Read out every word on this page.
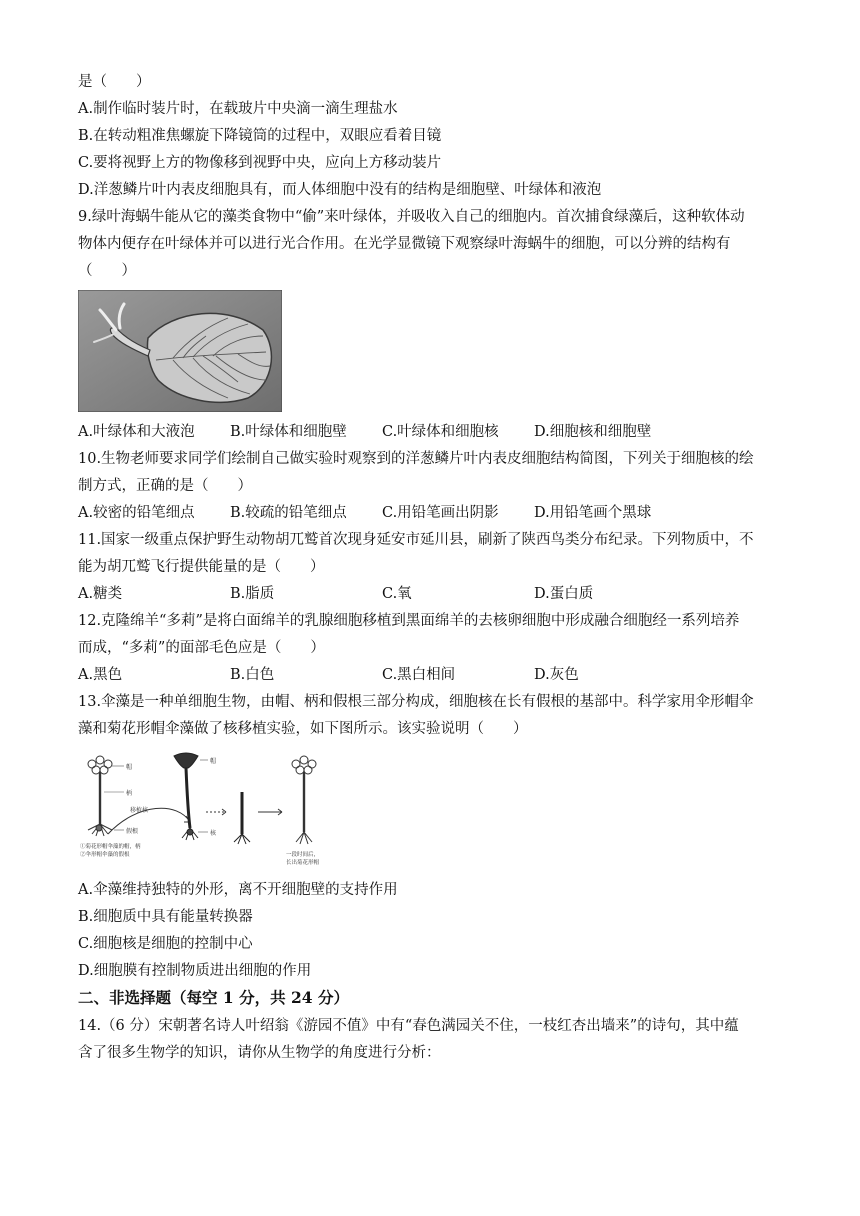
是（　　）
A.制作临时装片时，在载玻片中央滴一滴生理盐水
B.在转动粗准焦螺旋下降镜筒的过程中，双眼应看着目镜
C.要将视野上方的物像移到视野中央，应向上方移动装片
D.洋葱鳞片叶内表皮细胞具有，而人体细胞中没有的结构是细胞壁、叶绿体和液泡
9.绿叶海蜗牛能从它的藻类食物中“偷”来叶绿体，并吸收入自己的细胞内。首次捕食绿藻后，这种软体动
物体内便存在叶绿体并可以进行光合作用。在光学显微镜下观察绿叶海蜗牛的细胞，可以分辨的结构有
（　　）
A.叶绿体和大液泡 B.叶绿体和细胞壁 C.叶绿体和细胞核 D.细胞核和细胞壁
10.生物老师要求同学们绘制自己做实验时观察到的洋葱鳞片叶内表皮细胞结构简图，下列关于细胞核的绘
制方式，正确的是（　　）
A.较密的铅笔细点 B.较疏的铅笔细点 C.用铅笔画出阴影 D.用铅笔画个黑球
11.国家一级重点保护野生动物胡兀鹫首次现身延安市延川县，刷新了陕西鸟类分布纪录。下列物质中，不
能为胡兀鹫飞行提供能量的是（　　）
A.糖类	B.脂质	C.氧	D.蛋白质
12.克隆绵羊“多莉”是将白面绵羊的乳腺细胞移植到黑面绵羊的去核卵细胞中形成融合细胞经一系列培养
而成，“多莉”的面部毛色应是（　　）
A.黑色	B.白色	C.黑白相间	D.灰色
13.伞藻是一种单细胞生物，由帽、柄和假根三部分构成，细胞核在长有假根的基部中。科学家用伞形帽伞
藻和菊花形帽伞藻做了核移植实验，如下图所示。该实验说明（　　）
帽
柄
假根
移植核
①菊花形帽伞藻的帽，柄
②伞形帽伞藻的假根
帽
核
一段时间后，
长出菊花形帽
A.伞藻维持独特的外形，离不开细胞壁的支持作用
B.细胞质中具有能量转换器
C.细胞核是细胞的控制中心
D.细胞膜有控制物质进出细胞的作用
二、非选择题（每空 1 分，共 24 分）
14.（6 分）宋朝著名诗人叶绍翁《游园不值》中有“春色满园关不住，一枝红杏出墙来”的诗句，其中蕴
含了很多生物学的知识，请你从生物学的角度进行分析：
